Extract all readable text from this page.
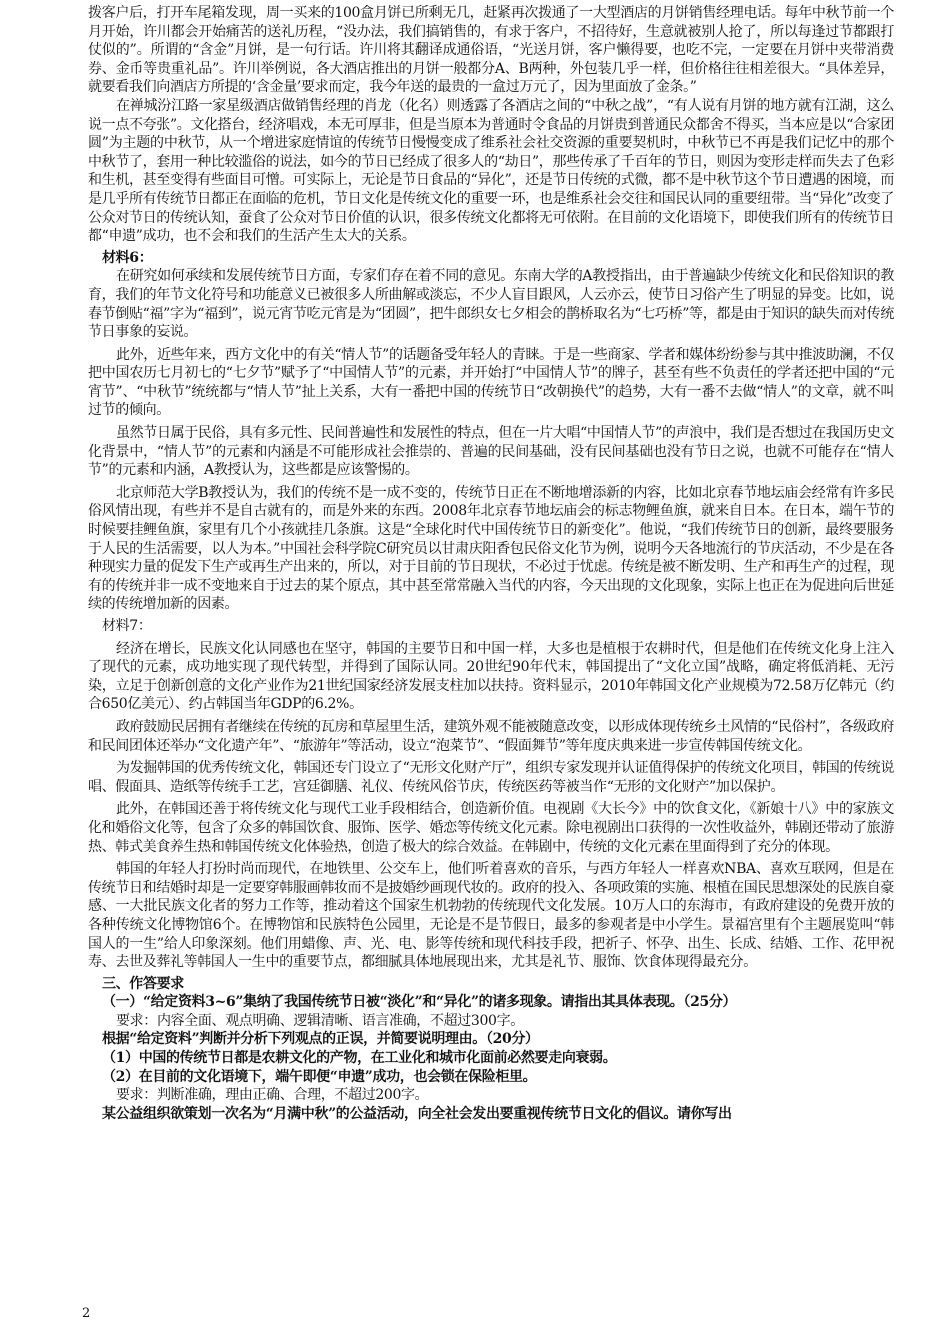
拨客户后，打开车尾箱发现，周一买来的100盒月饼已所剩无几，赶紧再次拨通了一大型酒店的月饼销售经理电话。每年中秋节前一个月开始，许川都会开始痛苦的送礼历程，“没办法，我们搞销售的，有求于客户，不招待好，生意就被别人抢了，所以每逢过节都跟打仗似的”。所谓的“含金”月饼，是一句行话。许川将其翻译成通俗语，“光送月饼，客户懒得要，也吃不完，一定要在月饼中夹带消费券、金币等贵重礼品”。许川举例说，各大酒店推出的月饼一般都分A、B两种，外包装几乎一样，但价格往往相差很大。“具体差异，就要看我们向酒店方所提的‘含金量’要求而定，我今年送的最贵的一盒过万元了，因为里面放了金条。”

在禅城汾江路一家星级酒店做销售经理的肖龙（化名）则透露了各酒店之间的“中秋之战”，“有人说有月饼的地方就有江湖，这么说一点不夸张”。文化搭台，经济唱戏，本无可厚非，但是当原本为普通时令食品的月饼贵到普通民众都舍不得买，当本应是以“合家团圆”为主题的中秋节，从一个增进家庭情谊的传统节日慢慢变成了维系社会社交资源的重要契机时，中秋节已不再是我们记忆中的那个中秋节了，套用一种比较滥俗的说法，如今的节日已经成了很多人的“劫日”，那些传承了千百年的节日，则因为变形走样而失去了色彩和生机，甚至变得有些面目可憎。可实际上，无论是节日食品的“异化”，还是节日传统的式微，都不是中秋节这个节日遭遇的困境，而是几乎所有传统节日都正在面临的危机，节日文化是传统文化的重要一环，也是维系社会交往和国民认同的重要纽带。当“异化”改变了公众对节日的传统认知，蚕食了公众对节日价值的认识，很多传统文化都将无可依附。在目前的文化语境下，即使我们所有的传统节日都“申遗”成功，也不会和我们的生活产生太大的关系。

材料6：

在研究如何承续和发展传统节日方面，专家们存在着不同的意见。东南大学的A教授指出，由于普遍缺少传统文化和民俗知识的教育，我们的年节文化符号和功能意义已被很多人所曲解或淡忘，不少人盲目跟风，人云亦云，使节日习俗产生了明显的异变。比如，说春节倒贴“福”字为“福到”，说元宵节吃元宵是为“团圆”，把牛郎织女七夕相会的鹊桥取名为“七巧桥”等，都是由于知识的缺失而对传统节日事象的妄说。

此外，近些年来，西方文化中的有关“情人节”的话题备受年轻人的青睐。于是一些商家、学者和媒体纷纷参与其中推波助澜，不仅把中国农历七月初七的“七夕节”赋予了“中国情人节”的元素，并开始打“中国情人节”的牌子，甚至有些不负责任的学者还把中国的“元宵节”、“中秋节”统统都与“情人节”扯上关系，大有一番把中国的传统节日“改朝换代”的趋势，大有一番不去做“情人”的文章，就不叫过节的倾向。

虽然节日属于民俗，具有多元性、民间普遍性和发展性的特点，但在一片大唱“中国情人节”的声浪中，我们是否想过在我国历史文化背景中，“情人节”的元素和内涵是不可能形成社会推崇的、普遍的民间基础，没有民间基础也没有节日之说，也就不可能存在“情人节”的元素和内涵，A教授认为，这些都是应该警惕的。

北京师范大学B教授认为，我们的传统不是一成不变的，传统节日正在不断地增添新的内容，比如北京春节地坛庙会经常有许多民俗风情出现，有些并不是自古就有的，而是外来的东西。2008年北京春节地坛庙会的标志物鲤鱼旗，就来自日本。在日本，端午节的时候要挂鲤鱼旗，家里有几个小孩就挂几条旗。这是“全球化时代中国传统节日的新变化”。他说，“我们传统节日的创新，最终要服务于人民的生活需要，以人为本。”中国社会科学院C研究员以甘肃庆阳香包民俗文化节为例，说明今天各地流行的节庆活动，不少是在各种现实力量的促发下生产或再生产出来的，所以，对于目前的节日现状，不必过于忧虑。传统是被不断发明、生产和再生产的过程，现有的传统并非一成不变地来自于过去的某个原点，其中甚至常常融入当代的内容，今天出现的文化现象，实际上也正在为促进向后世延续的传统增加新的因素。

材料7：

经济在增长，民族文化认同感也在坚守，韩国的主要节日和中国一样，大多也是植根于农耕时代，但是他们在传统文化身上注入了现代的元素，成功地实现了现代转型，并得到了国际认同。20世纪90年代末，韩国提出了“文化立国”战略，确定将低消耗、无污染，立足于创新创意的文化产业作为21世纪国家经济发展支柱加以扶持。资料显示，2010年韩国文化产业规模为72.58万亿韩元（约合650亿美元）、约占韩国当年GDP的6.2%。

政府鼓励民居拥有者继续在传统的瓦房和草屋里生活，建筑外观不能被随意改变，以形成体现传统乡土风情的“民俗村”，各级政府和民间团体还举办“文化遗产年”、“旅游年”等活动，设立“泡菜节”、“假面舞节”等年度庆典来进一步宣传韩国传统文化。

为发掘韩国的优秀传统文化，韩国还专门设立了“无形文化财产厅”，组织专家发现并认证值得保护的传统文化项目，韩国的传统说唱、假面具、造纸等传统手工艺，宫廷御膳、礼仪、传统风俗节庆，传统医药等被当作“无形的文化财产”加以保护。

此外，在韩国还善于将传统文化与现代工业手段相结合，创造新价值。电视剧《大长今》中的饮食文化，《新娘十八》中的家族文化和婚俗文化等，包含了众多的韩国饮食、服饰、医学、婚恋等传统文化元素。除电视剧出口获得的一次性收益外，韩剧还带动了旅游热、韩式美食养生热和韩国传统文化体验热，创造了极大的综合效益。在韩剧中，传统的文化元素在里面得到了充分的体现。

韩国的年轻人打扮时尚而现代，在地铁里、公交车上，他们听着喜欢的音乐，与西方年轻人一样喜欢NBA、喜欢互联网，但是在传统节日和结婚时却是一定要穿韩服画韩妆而不是披婚纱画现代妆的。政府的投入、各项政策的实施、根植在国民思想深处的民族自豪感、一大批民族文化者的努力工作等，推动着这个国家生机勃勃的传统现代文化发展。10万人口的东海市，有政府建设的免费开放的各种传统文化博物馆6个。在博物馆和民族特色公园里，无论是不是节假日，最多的参观者是中小学生。景福宫里有个主题展览叫“韩国人的一生”给人印象深刻。他们用蜡像、声、光、电、影等传统和现代科技手段，把祈子、怀孕、出生、长成、结婚、工作、花甲祝寿、去世及葬礼等韩国人一生中的重要节点，都细腻具体地展现出来，尤其是礼节、服饰、饮食体现得最充分。

三、作答要求

（一）“给定资料3~6”集纳了我国传统节日被“淡化”和“异化”的诸多现象。请指出其具体表现。（25分）

要求：内容全面、观点明确、逻辑清晰、语言准确，不超过300字。

根据“给定资料”判断并分析下列观点的正误，并简要说明理由。（20分）

（1）中国的传统节日都是农耕文化的产物，在工业化和城市化面前必然要走向衰弱。

（2）在目前的文化语境下，端午即便“申遗”成功，也会锁在保险柜里。

要求：判断准确，理由正确、合理，不超过200字。

某公益组织欲策划一次名为“月满中秋”的公益活动，向全社会发出要重视传统节日文化的倡议。请你写出

2
